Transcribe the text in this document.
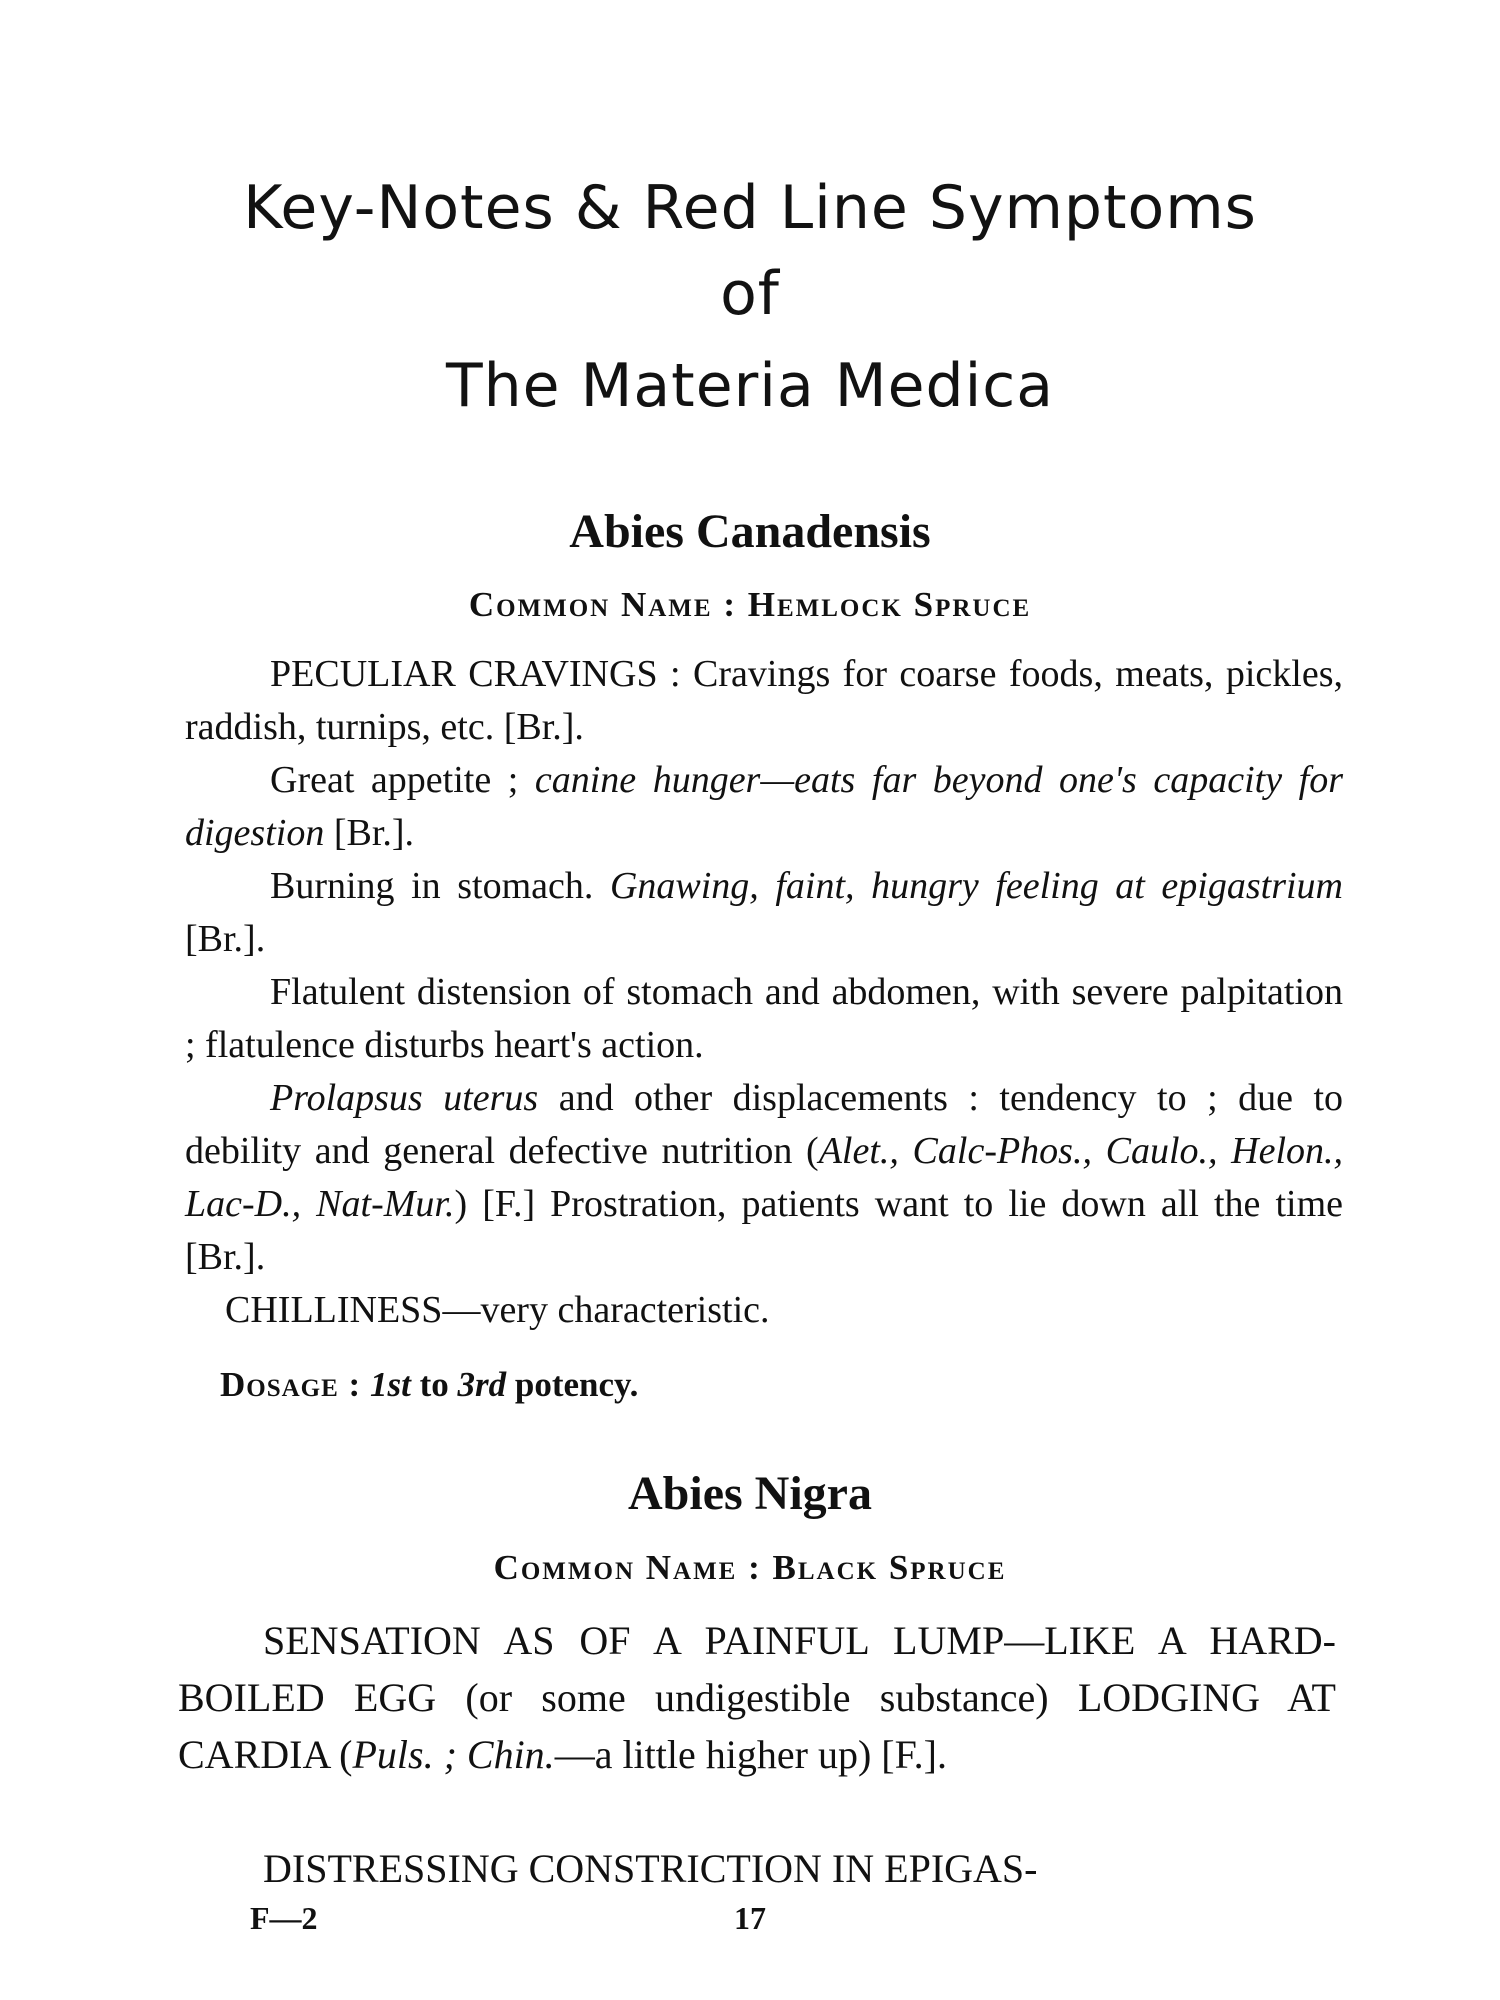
Key-Notes & Red Line Symptoms
of
The Materia Medica
Abies Canadensis
Common Name : Hemlock Spruce

PECULIAR CRAVINGS : Cravings for coarse foods, meats, pickles, raddish, turnips, etc. [Br.].

Great appetite ; canine hunger—eats far beyond one's capacity for digestion [Br.].

Burning in stomach. Gnawing, faint, hungry feeling at epigastrium [Br.].

Flatulent distension of stomach and abdomen, with severe palpitation ; flatulence disturbs heart's action.

Prolapsus uterus and other displacements : tendency to ; due to debility and general defective nutrition (Alet., Calc-Phos., Caulo., Helon., Lac-D., Nat-Mur.) [F.] Prostration, patients want to lie down all the time [Br.].

CHILLINESS—very characteristic.

Dosage : 1st to 3rd potency.
Abies Nigra
Common Name : Black Spruce

SENSATION AS OF A PAINFUL LUMP—LIKE A HARD-BOILED EGG (or some undigestible substance) LODGING AT CARDIA (Puls. ; Chin.—a little higher up) [F.].

DISTRESSING CONSTRICTION IN EPIGAS-

F—2	17
